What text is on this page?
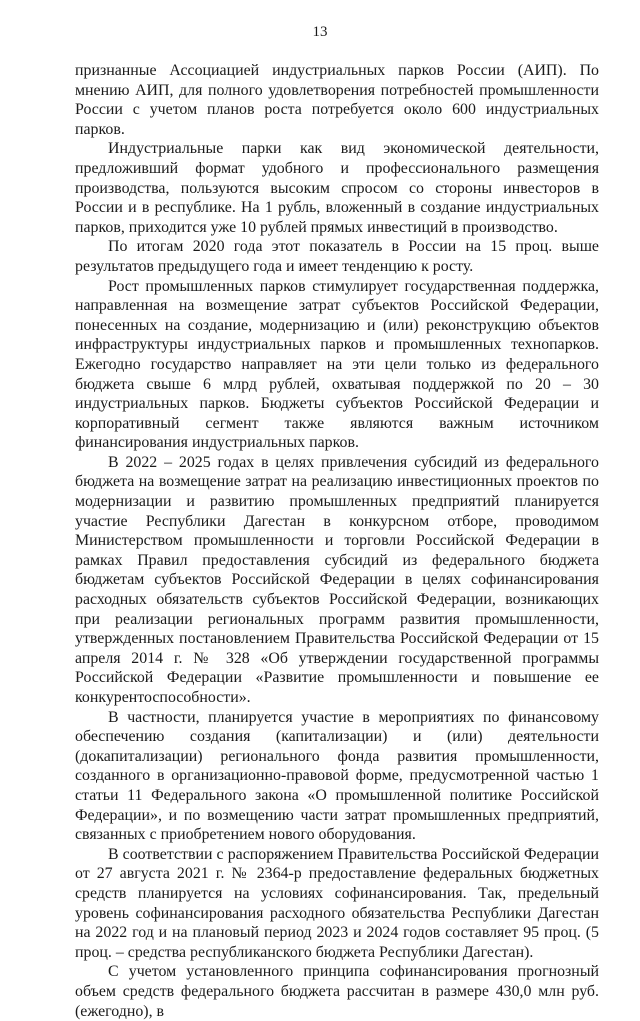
13

признанные Ассоциацией индустриальных парков России (АИП). По мнению АИП, для полного удовлетворения потребностей промышленности России с учетом планов роста потребуется около 600 индустриальных парков.

Индустриальные парки как вид экономической деятельности, предложивший формат удобного и профессионального размещения производства, пользуются высоким спросом со стороны инвесторов в России и в республике. На 1 рубль, вложенный в создание индустриальных парков, приходится уже 10 рублей прямых инвестиций в производство.

По итогам 2020 года этот показатель в России на 15 проц. выше результатов предыдущего года и имеет тенденцию к росту.

Рост промышленных парков стимулирует государственная поддержка, направленная на возмещение затрат субъектов Российской Федерации, понесенных на создание, модернизацию и (или) реконструкцию объектов инфраструктуры индустриальных парков и промышленных технопарков. Ежегодно государство направляет на эти цели только из федерального бюджета свыше 6 млрд рублей, охватывая поддержкой по 20 – 30 индустриальных парков. Бюджеты субъектов Российской Федерации и корпоративный сегмент также являются важным источником финансирования индустриальных парков.

В 2022 – 2025 годах в целях привлечения субсидий из федерального бюджета на возмещение затрат на реализацию инвестиционных проектов по модернизации и развитию промышленных предприятий планируется участие Республики Дагестан в конкурсном отборе, проводимом Министерством промышленности и торговли Российской Федерации в рамках Правил предоставления субсидий из федерального бюджета бюджетам субъектов Российской Федерации в целях софинансирования расходных обязательств субъектов Российской Федерации, возникающих при реализации региональных программ развития промышленности, утвержденных постановлением Правительства Российской Федерации от 15 апреля 2014 г. № 328 «Об утверждении государственной программы Российской Федерации «Развитие промышленности и повышение ее конкурентоспособности».

В частности, планируется участие в мероприятиях по финансовому обеспечению создания (капитализации) и (или) деятельности (докапитализации) регионального фонда развития промышленности, созданного в организационно-правовой форме, предусмотренной частью 1 статьи 11 Федерального закона «О промышленной политике Российской Федерации», и по возмещению части затрат промышленных предприятий, связанных с приобретением нового оборудования.

В соответствии с распоряжением Правительства Российской Федерации от 27 августа 2021 г. № 2364-р предоставление федеральных бюджетных средств планируется на условиях софинансирования. Так, предельный уровень софинансирования расходного обязательства Республики Дагестан на 2022 год и на плановый период 2023 и 2024 годов составляет 95 проц. (5 проц. – средства республиканского бюджета Республики Дагестан).

С учетом установленного принципа софинансирования прогнозный объем средств федерального бюджета рассчитан в размере 430,0 млн руб. (ежегодно), в
